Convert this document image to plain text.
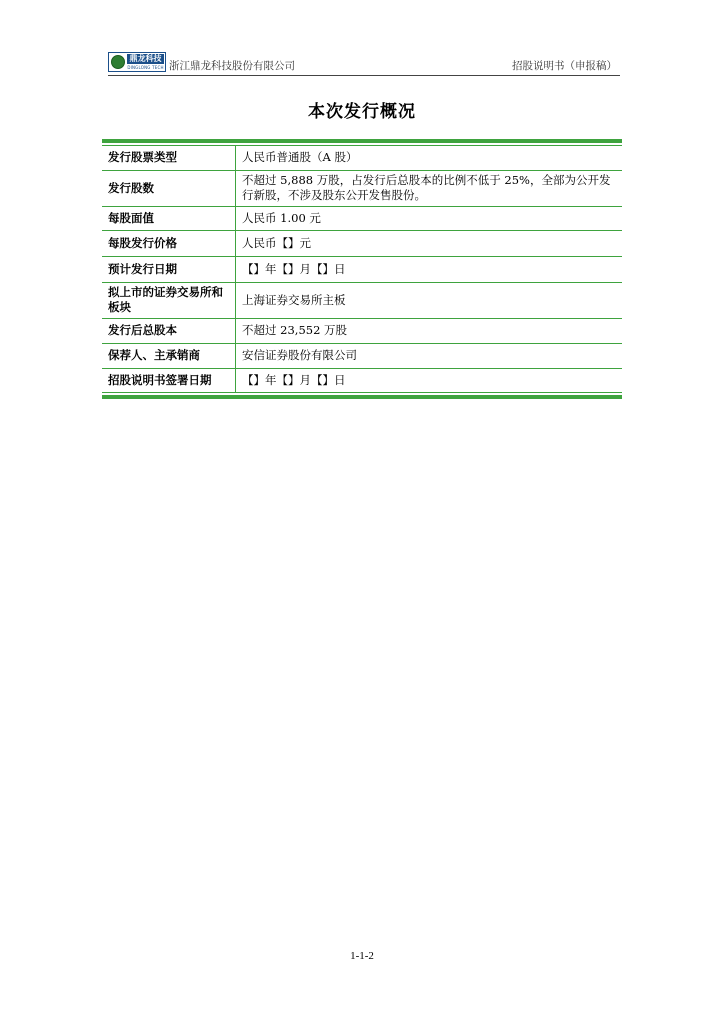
鼎龙科技
DINGLONG TECH 浙江鼎龙科技股份有限公司	招股说明书（申报稿）
本次发行概况
发行股票类型	人民币普通股（A 股）
发行股数	不超过 5,888 万股，占发行后总股本的比例不低于 25%，全部为公开发行新股，不涉及股东公开发售股份。
每股面值	人民币 1.00 元
每股发行价格	人民币【】元
预计发行日期	【】年【】月【】日
拟上市的证券交易所和板块	上海证券交易所主板
发行后总股本	不超过 23,552 万股
保荐人、主承销商	安信证券股份有限公司
招股说明书签署日期	【】年【】月【】日
1-1-2
